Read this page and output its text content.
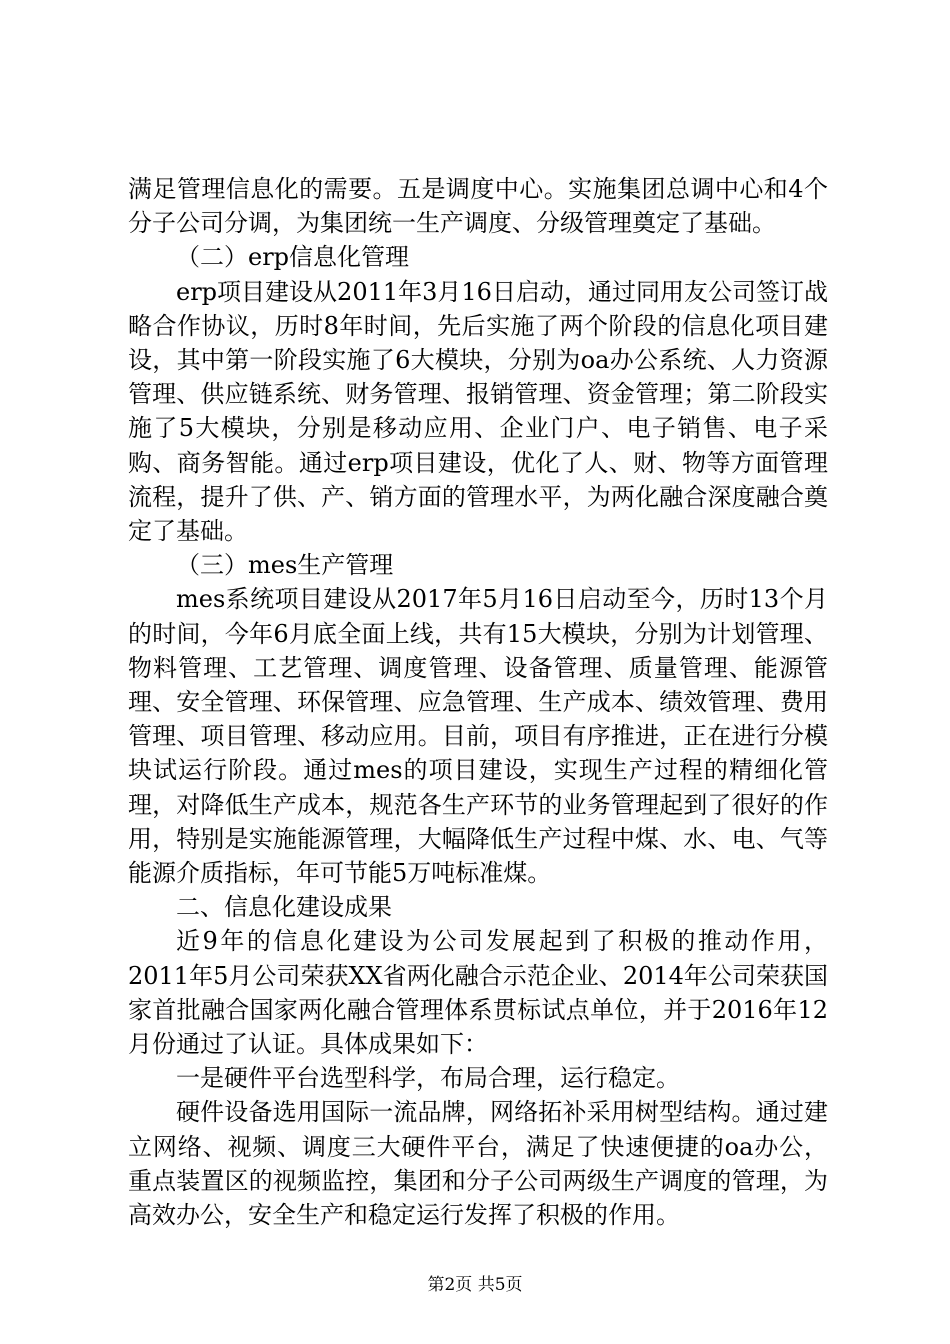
满足管理信息化的需要。五是调度中心。实施集团总调中心和4个分子公司分调，为集团统一生产调度、分级管理奠定了基础。

（二）erp信息化管理

erp项目建设从2011年3月16日启动，通过同用友公司签订战略合作协议，历时8年时间，先后实施了两个阶段的信息化项目建设，其中第一阶段实施了6大模块，分别为oa办公系统、人力资源管理、供应链系统、财务管理、报销管理、资金管理；第二阶段实施了5大模块，分别是移动应用、企业门户、电子销售、电子采购、商务智能。通过erp项目建设，优化了人、财、物等方面管理流程，提升了供、产、销方面的管理水平，为两化融合深度融合奠定了基础。

（三）mes生产管理

mes系统项目建设从2017年5月16日启动至今，历时13个月的时间，今年6月底全面上线，共有15大模块，分别为计划管理、物料管理、工艺管理、调度管理、设备管理、质量管理、能源管理、安全管理、环保管理、应急管理、生产成本、绩效管理、费用管理、项目管理、移动应用。目前，项目有序推进，正在进行分模块试运行阶段。通过mes的项目建设，实现生产过程的精细化管理，对降低生产成本，规范各生产环节的业务管理起到了很好的作用，特别是实施能源管理，大幅降低生产过程中煤、水、电、气等能源介质指标，年可节能5万吨标准煤。

二、信息化建设成果

近9年的信息化建设为公司发展起到了积极的推动作用，2011年5月公司荣获XX省两化融合示范企业、2014年公司荣获国家首批融合国家两化融合管理体系贯标试点单位，并于2016年12月份通过了认证。具体成果如下：

一是硬件平台选型科学，布局合理，运行稳定。

硬件设备选用国际一流品牌，网络拓补采用树型结构。通过建立网络、视频、调度三大硬件平台，满足了快速便捷的oa办公，重点装置区的视频监控，集团和分子公司两级生产调度的管理，为高效办公，安全生产和稳定运行发挥了积极的作用。

第2页 共5页
